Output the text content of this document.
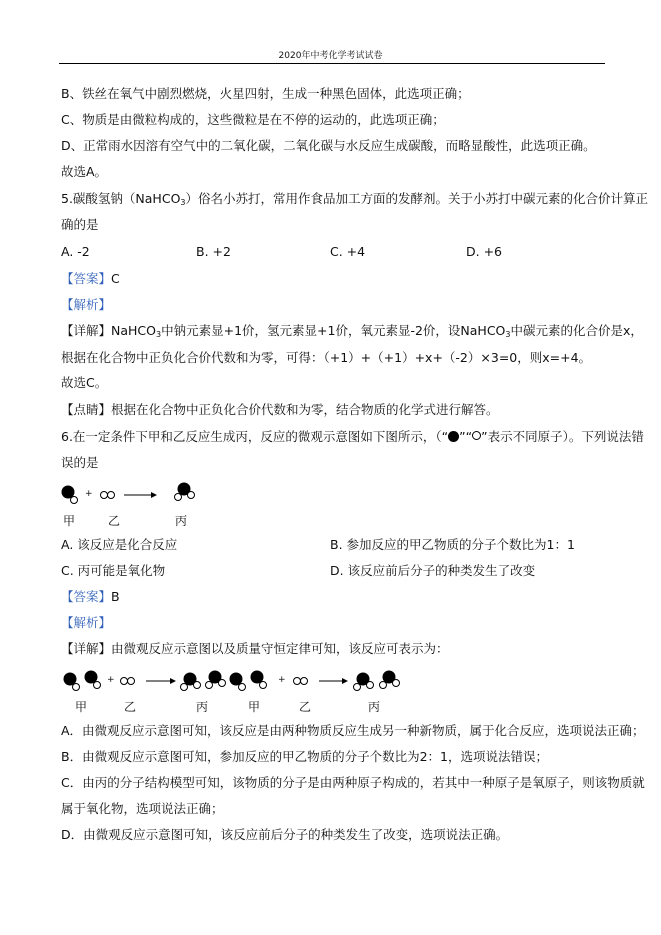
2020年中考化学考试试卷
B、铁丝在氧气中剧烈燃烧，火星四射，生成一种黑色固体，此选项正确；
C、物质是由微粒构成的，这些微粒是在不停的运动的，此选项正确；
D、正常雨水因溶有空气中的二氧化碳，二氧化碳与水反应生成碳酸，而略显酸性，此选项正确。
故选A。
5.碳酸氢钠（NaHCO$_3$）俗名小苏打，常用作食品加工方面的发酵剂。关于小苏打中碳元素的化合价计算正
确的是
A. -2	B. +2	C. +4	D. +6
【答案】C
【解析】
【详解】NaHCO$_3$中钠元素显+1价，氢元素显+1价，氧元素显-2价，设NaHCO$_3$中碳元素的化合价是x，
根据在化合物中正负化合价代数和为零，可得：（+1）+（+1）+x+（-2）×3=0，则x=+4。
故选C。
【点睛】根据在化合物中正负化合价代数和为零，结合物质的化学式进行解答。
6.在一定条件下甲和乙反应生成丙，反应的微观示意图如下图所示，（“ ”“ ”表示不同原子）。下列说法错
误的是
甲	乙	丙
+
A. 该反应是化合反应	B. 参加反应的甲乙物质的分子个数比为1：1
C. 丙可能是氧化物	D. 该反应前后分子的种类发生了改变
【答案】B
【解析】
【详解】由微观反应示意图以及质量守恒定律可知，该反应可表示为：
甲	乙	丙	甲	乙	丙
+	+
A．由微观反应示意图可知，该反应是由两种物质反应生成另一种新物质，属于化合反应，选项说法正确；
B．由微观反应示意图可知，参加反应的甲乙物质的分子个数比为2：1，选项说法错误；
C．由丙的分子结构模型可知，该物质的分子是由两种原子构成的，若其中一种原子是氧原子，则该物质就
属于氧化物，选项说法正确；
D．由微观反应示意图可知，该反应前后分子的种类发生了改变，选项说法正确。
